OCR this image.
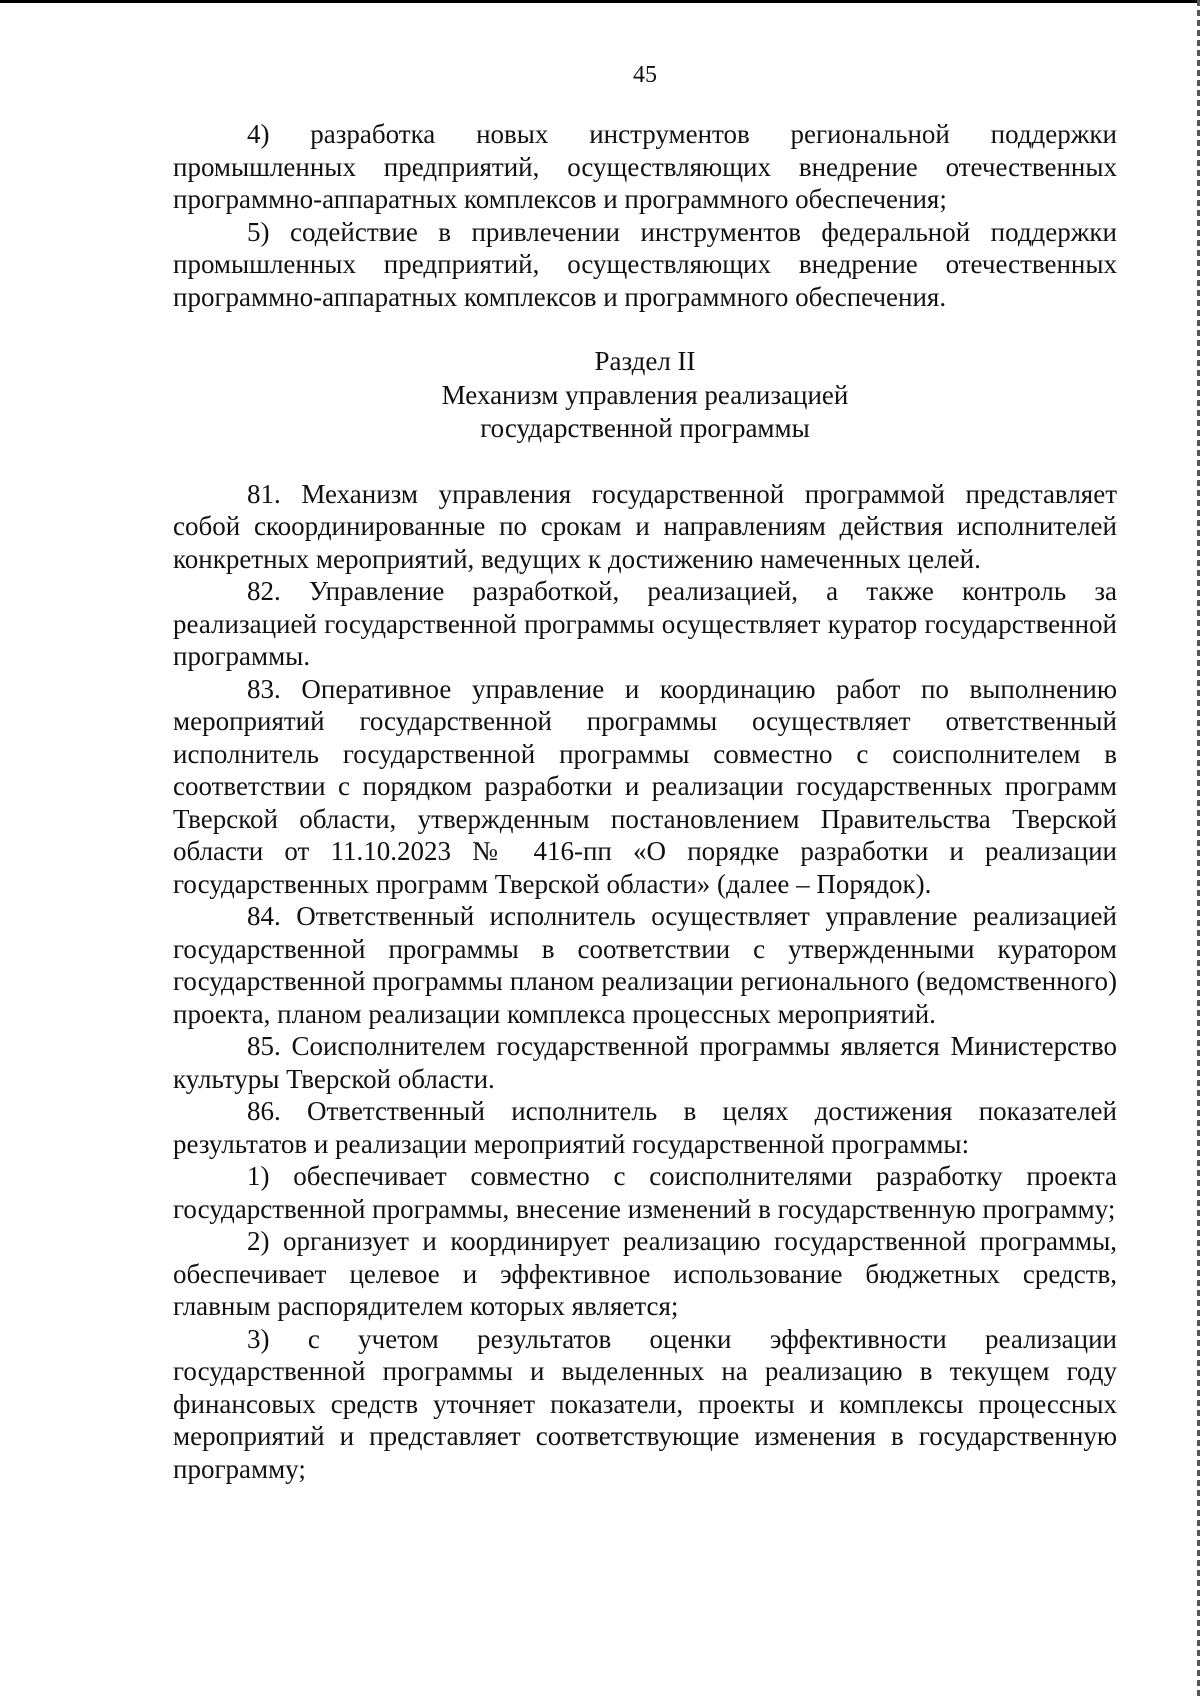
45

4) разработка новых инструментов региональной поддержки промышленных предприятий, осуществляющих внедрение отечественных программно-аппаратных комплексов и программного обеспечения;

5) содействие в привлечении инструментов федеральной поддержки промышленных предприятий, осуществляющих внедрение отечественных программно-аппаратных комплексов и программного обеспечения.

Раздел II

Механизм управления реализацией

государственной программы

81. Механизм управления государственной программой представляет собой скоординированные по срокам и направлениям действия исполнителей конкретных мероприятий, ведущих к достижению намеченных целей.

82. Управление разработкой, реализацией, а также контроль за реализацией государственной программы осуществляет куратор государственной программы.

83. Оперативное управление и координацию работ по выполнению мероприятий государственной программы осуществляет ответственный исполнитель государственной программы совместно с соисполнителем в соответствии с порядком разработки и реализации государственных программ Тверской области, утвержденным постановлением Правительства Тверской области от 11.10.2023 № 416-пп «О порядке разработки и реализации государственных программ Тверской области» (далее – Порядок).

84. Ответственный исполнитель осуществляет управление реализацией государственной программы в соответствии с утвержденными куратором государственной программы планом реализации регионального (ведомственного) проекта, планом реализации комплекса процессных мероприятий.

85. Соисполнителем государственной программы является Министерство культуры Тверской области.

86. Ответственный исполнитель в целях достижения показателей результатов и реализации мероприятий государственной программы:

1) обеспечивает совместно с соисполнителями разработку проекта государственной программы, внесение изменений в государственную программу;

2) организует и координирует реализацию государственной программы, обеспечивает целевое и эффективное использование бюджетных средств, главным распорядителем которых является;

3) с учетом результатов оценки эффективности реализации государственной программы и выделенных на реализацию в текущем году финансовых средств уточняет показатели, проекты и комплексы процессных мероприятий и представляет соответствующие изменения в государственную программу;
